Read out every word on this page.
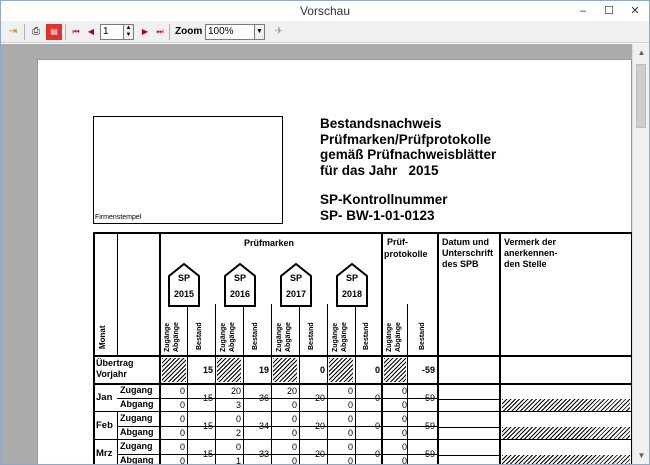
Vorschau	–	☐	✕
⇥	⎙	▤	⏮	◀ 1	▲
▼	▶	⏭	Zoom 100%	▼	✈
Firmenstempel
Bestandsnachweis
Prüfmarken/Prüfprotokolle
gemäß Prüfnachweisblätter
für das Jahr   2015
SP-Kontrollnummer
SP- BW-1-01-0123
Prüfmarken	Prüf-
protokolle
Datum und
Unterschrift
des SPB
Vermerk der
anerkennen-
den Stelle
Monat
SP
2015
SP
2016
SP
2017
SP
2018
Zugänge Abgänge Bestand Zugänge Abgänge Bestand Zugänge Abgänge Bestand Zugänge Abgänge Bestand Zugänge Abgänge Bestand
Übertrag
Vorjahr	15	19	0	0	-59
Jan
Zugang
Abgang
0
0
15
20
3
36
20
0
20
0
0
0
0
0
-59
Feb
Zugang
Abgang
0
0
15
0
2
34
0
0
20
0
0
0
0
0
-59
Mrz
Zugang
Abgang
0
0
15
0
1
33
0
0
20
0
0
0
0
0
-59
▲
▼
